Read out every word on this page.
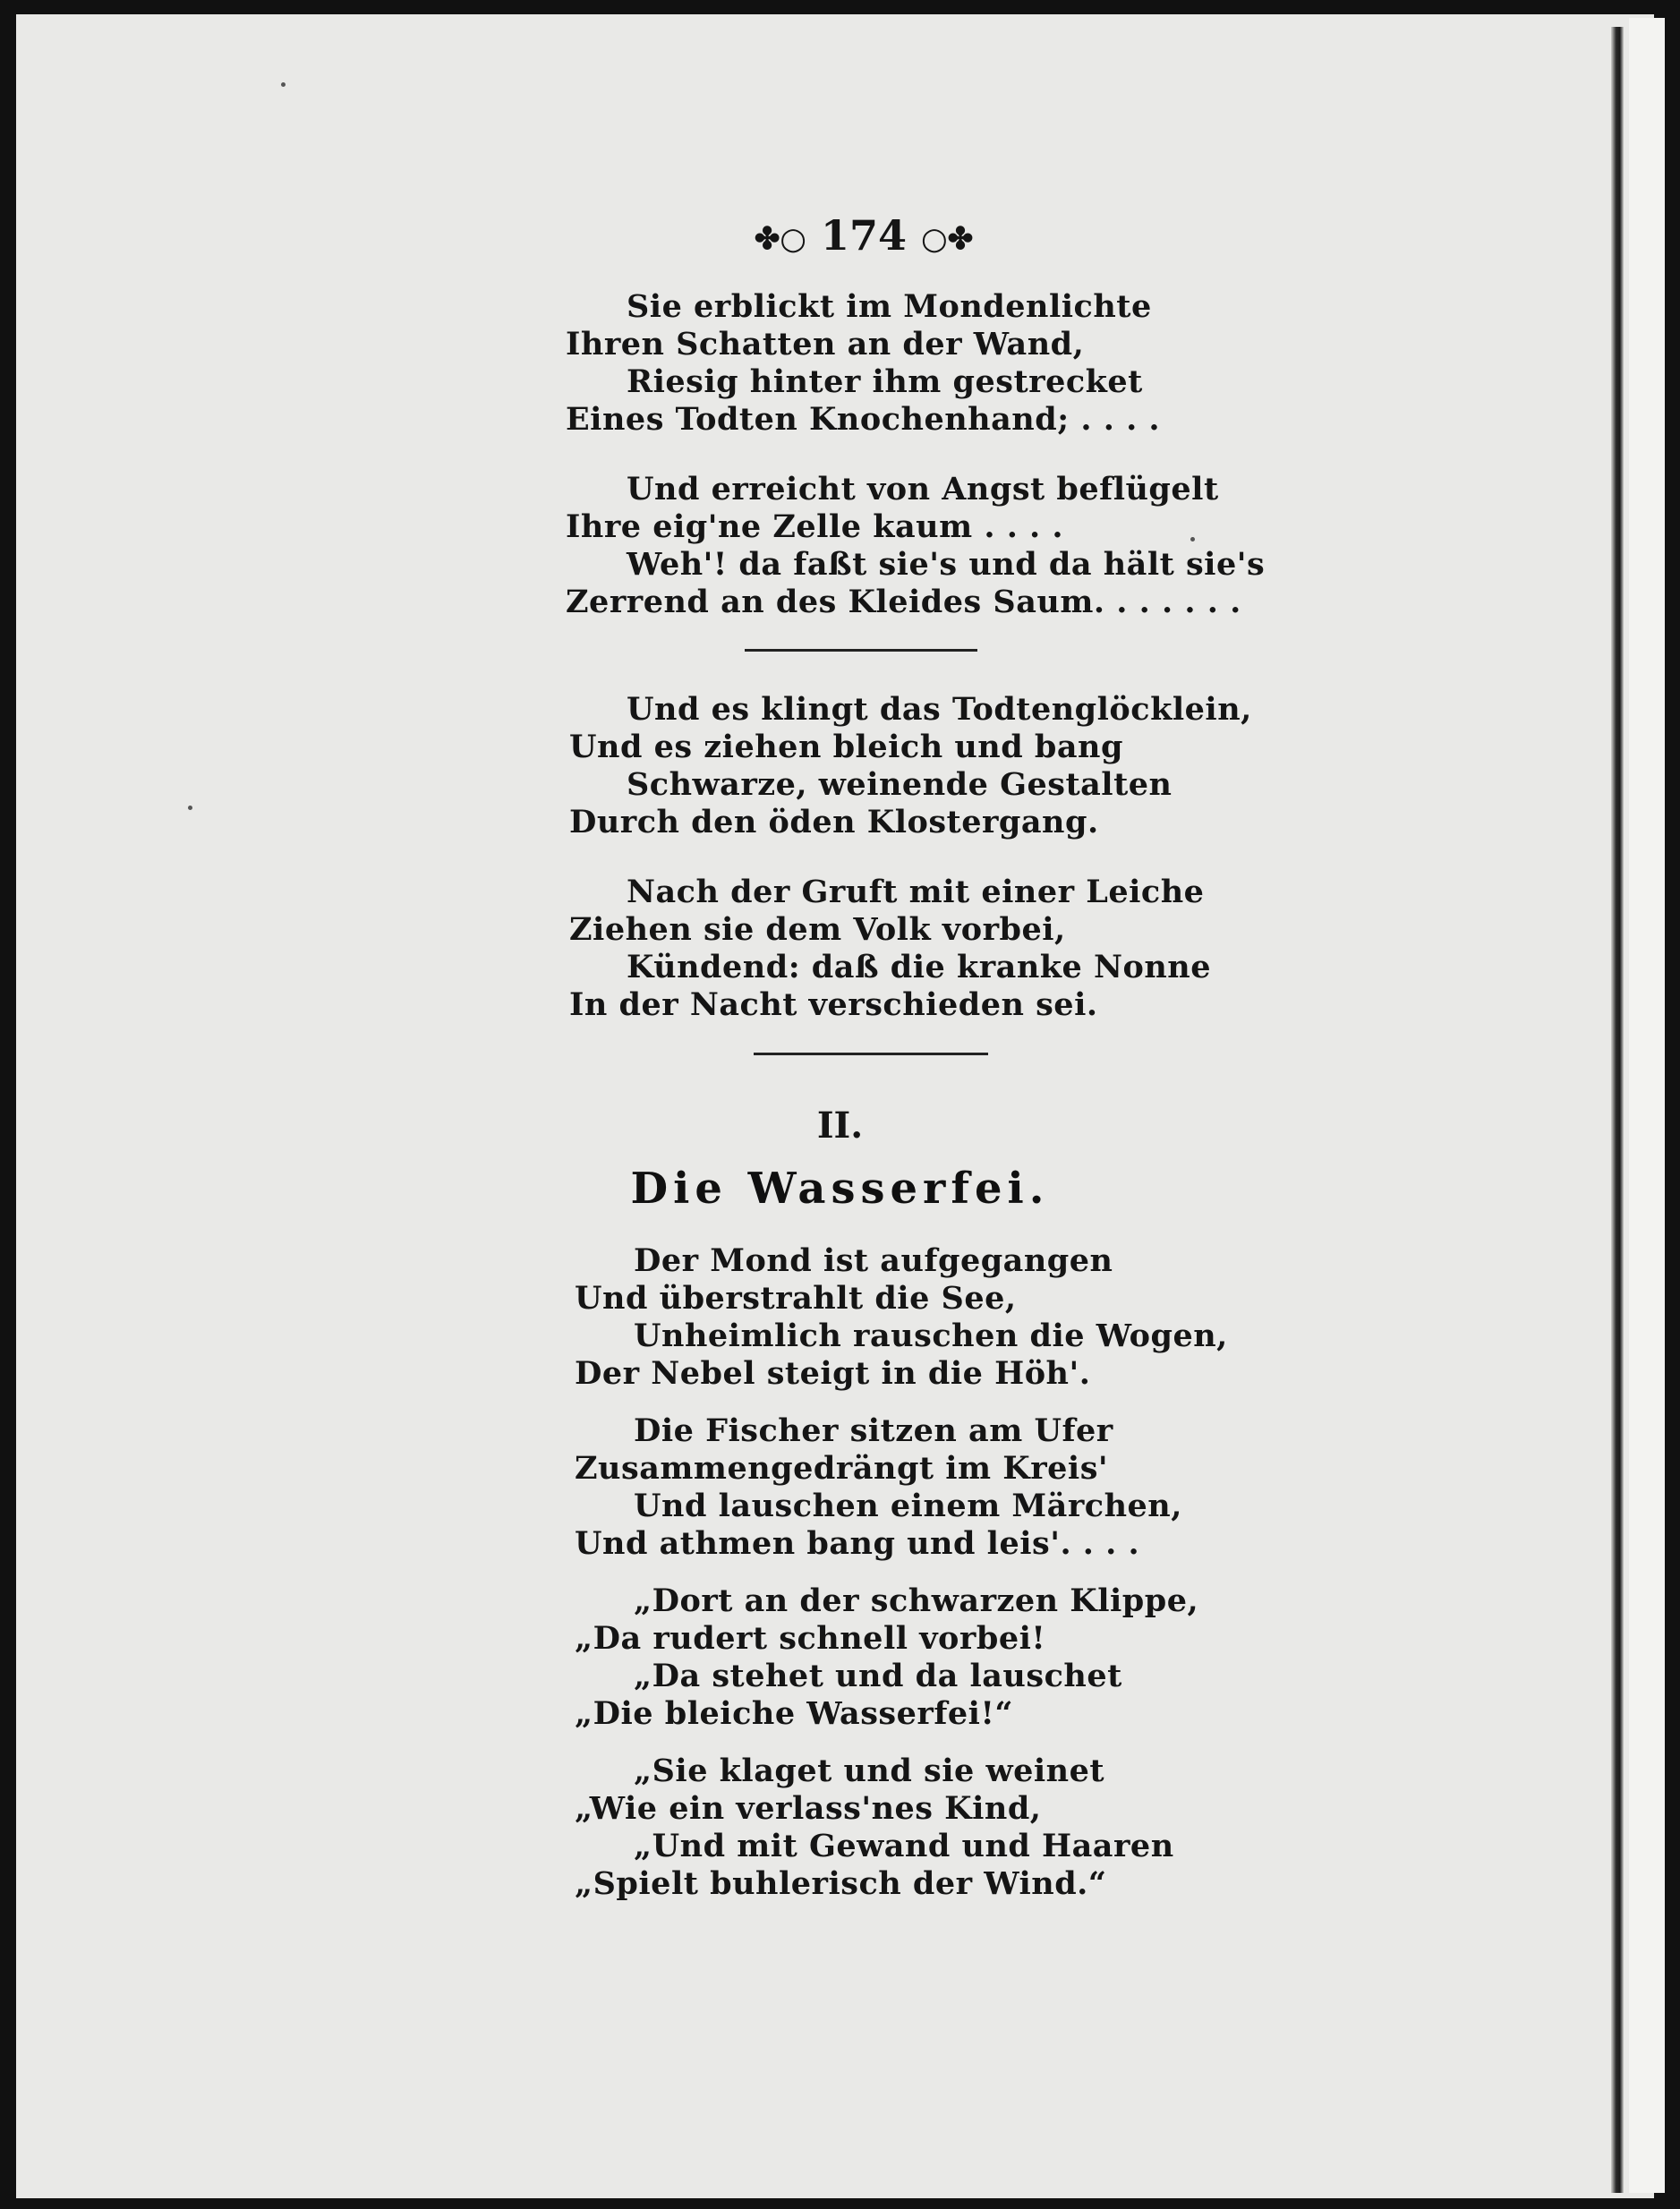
✤○ 174 ○✤
Sie erblickt im Mondenlichte
Ihren Schatten an der Wand,
Riesig hinter ihm gestrecket
Eines Todten Knochenhand; . . . .
Und erreicht von Angst beflügelt
Ihre eig'ne Zelle kaum . . . .
Weh'! da faßt sie's und da hält sie's
Zerrend an des Kleides Saum. . . . . . .
Und es klingt das Todtenglöcklein,
Und es ziehen bleich und bang
Schwarze, weinende Gestalten
Durch den öden Klostergang.
Nach der Gruft mit einer Leiche
Ziehen sie dem Volk vorbei,
Kündend: daß die kranke Nonne
In der Nacht verschieden sei.
II.
Die Wasserfei.
Der Mond ist aufgegangen
Und überstrahlt die See,
Unheimlich rauschen die Wogen,
Der Nebel steigt in die Höh'.
Die Fischer sitzen am Ufer
Zusammengedrängt im Kreis'
Und lauschen einem Märchen,
Und athmen bang und leis'. . . .
„Dort an der schwarzen Klippe,
„Da rudert schnell vorbei!
„Da stehet und da lauschet
„Die bleiche Wasserfei!“
„Sie klaget und sie weinet
„Wie ein verlass'nes Kind,
„Und mit Gewand und Haaren
„Spielt buhlerisch der Wind.“
